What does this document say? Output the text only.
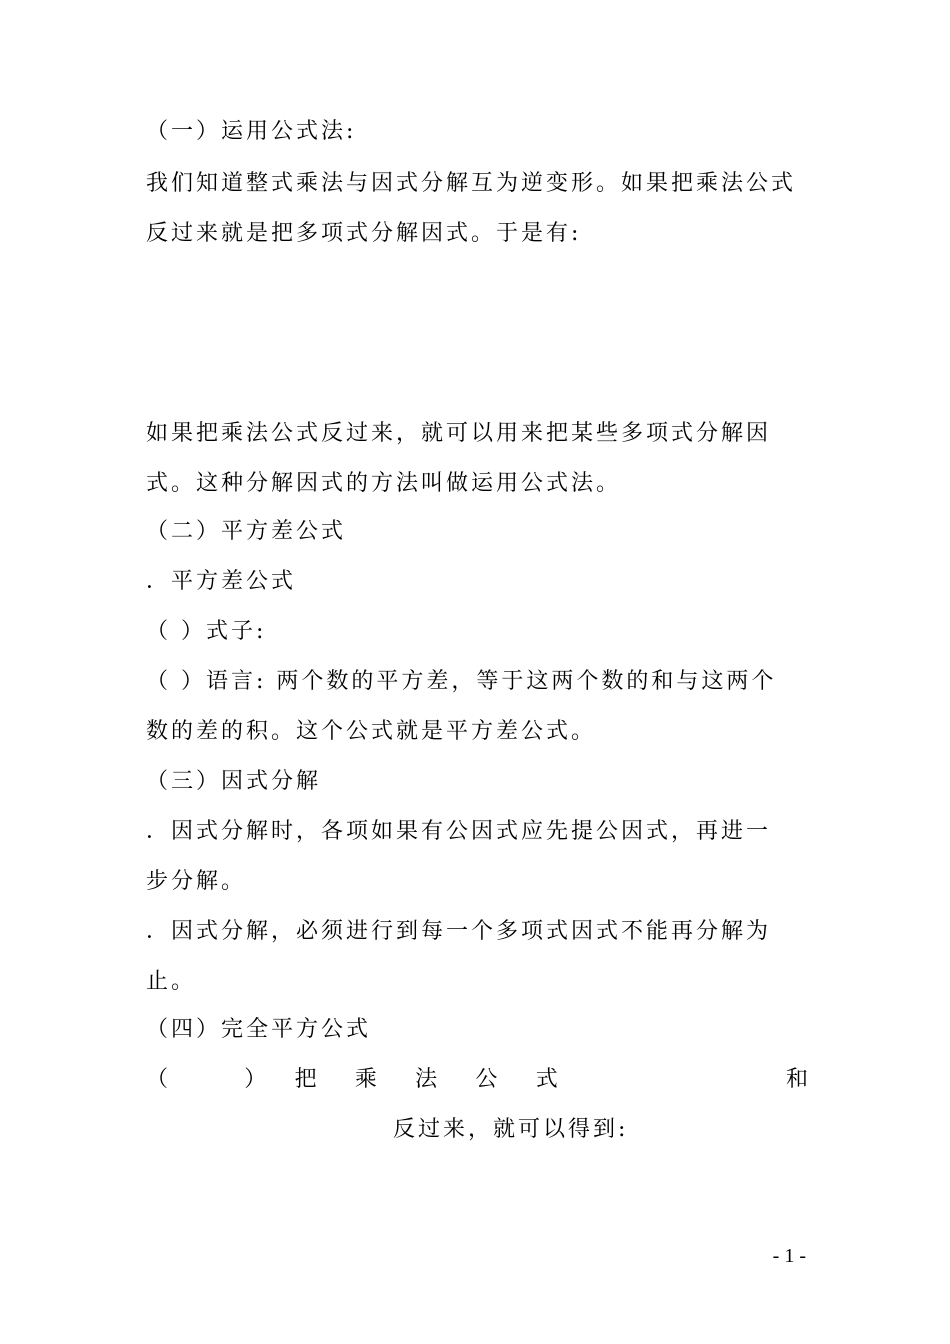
（一）运用公式法:
我们知道整式乘法与因式分解互为逆变形。如果把乘法公式
反过来就是把多项式分解因式。于是有:
如果把乘法公式反过来，就可以用来把某些多项式分解因
式。这种分解因式的方法叫做运用公式法。
（二）平方差公式
．平方差公式
（ ）式子:
（ ）语言: 两个数的平方差，等于这两个数的和与这两个
数的差的积。这个公式就是平方差公式。
（三）因式分解
．因式分解时，各项如果有公因式应先提公因式，再进一
步分解。
．因式分解，必须进行到每一个多项式因式不能再分解为
止。
（四）完全平方公式
（	）	把	乘	法	公	式	和
反过来，就可以得到:
- 1 -
